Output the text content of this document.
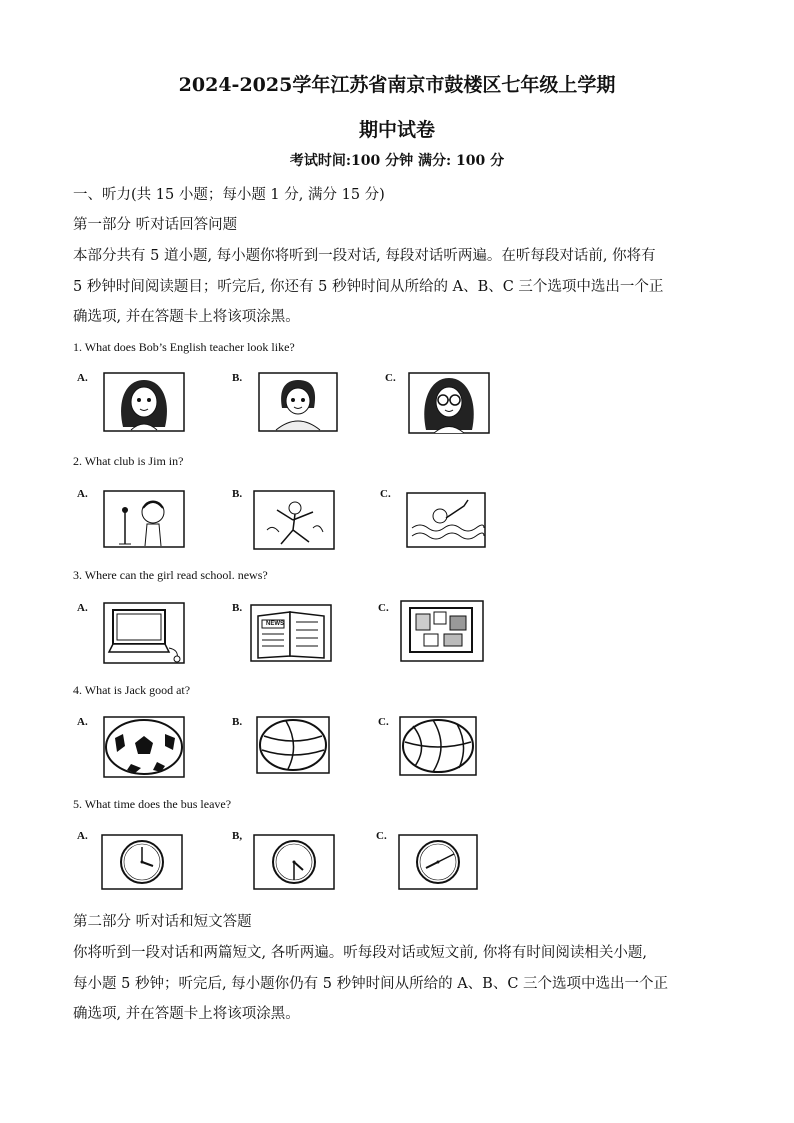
2024-2025学年江苏省南京市鼓楼区七年级上学期
期中试卷
考试时间:100 分钟 满分: 100 分
一、听力(共 15 小题；每小题 1 分, 满分 15 分)
第一部分 听对话回答问题
本部分共有 5 道小题, 每小题你将听到一段对话, 每段对话听两遍。在听每段对话前, 你将有
5 秒钟时间阅读题目；听完后, 你还有 5 秒钟时间从所给的 A、B、C 三个选项中选出一个正
确选项, 并在答题卡上将该项涂黑。
1. What does Bob’s English teacher look like?
A.	B.	C.
2. What club is Jim in?
A.	B.	C.
3. Where can the girl read school. news?
A.	B.	C.
NEWS
4. What is Jack good at?
A.	B.	C.
5. What time does the bus leave?
A.	B,	C.
第二部分 听对话和短文答题
你将听到一段对话和两篇短文, 各听两遍。听每段对话或短文前, 你将有时间阅读相关小题,
每小题 5 秒钟；听完后, 每小题你仍有 5 秒钟时间从所给的 A、B、C 三个选项中选出一个正
确选项, 并在答题卡上将该项涂黑。
